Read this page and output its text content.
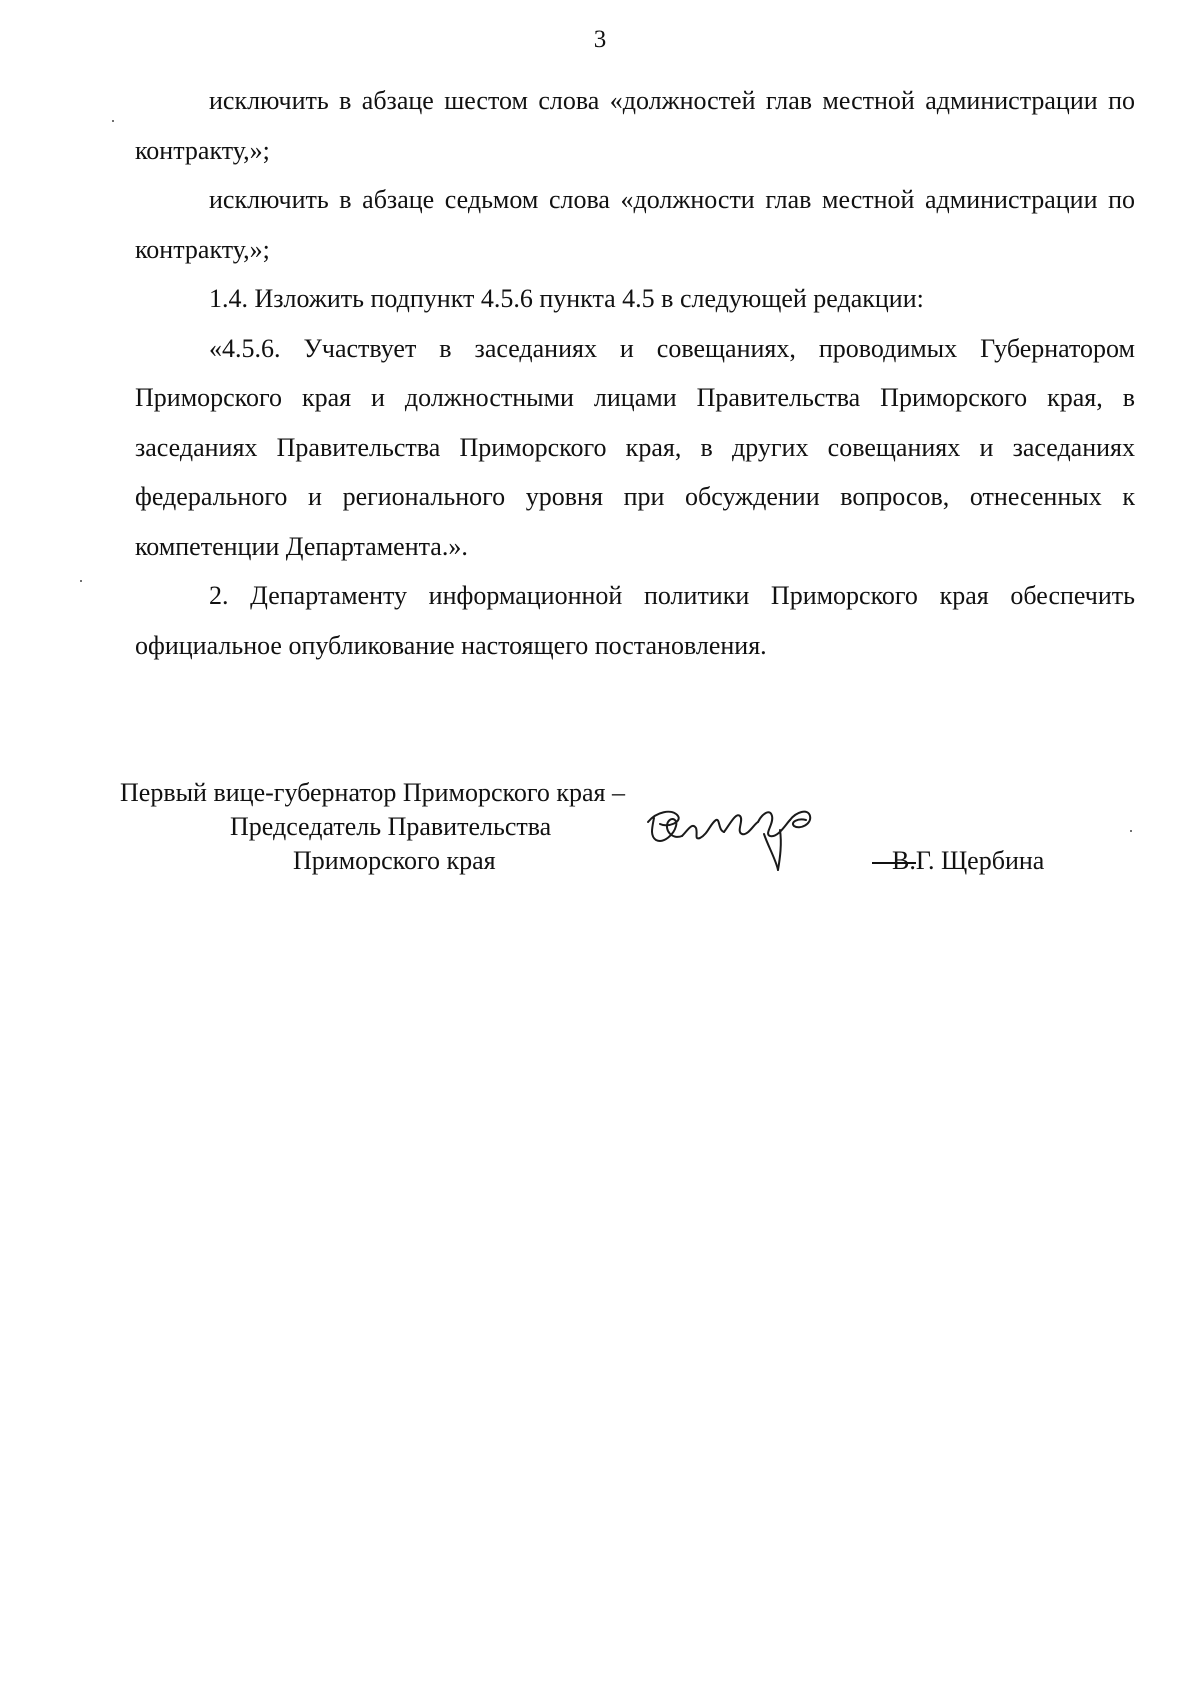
3

исключить в абзаце шестом слова «должностей глав местной администрации по контракту,»;

исключить в абзаце седьмом слова «должности глав местной администрации по контракту,»;

1.4. Изложить подпункт 4.5.6 пункта 4.5 в следующей редакции:

«4.5.6. Участвует в заседаниях и совещаниях, проводимых Губернатором Приморского края и должностными лицами Правительства Приморского края, в заседаниях Правительства Приморского края, в других совещаниях и заседаниях федерального и регионального уровня при обсуждении вопросов, отнесенных к компетенции Департамента.».

2. Департаменту информационной политики Приморского края обеспечить официальное опубликование настоящего постановления.

Первый вице-губернатор Приморского края –
Председатель Правительства
Приморского края	В.Г. Щербина
